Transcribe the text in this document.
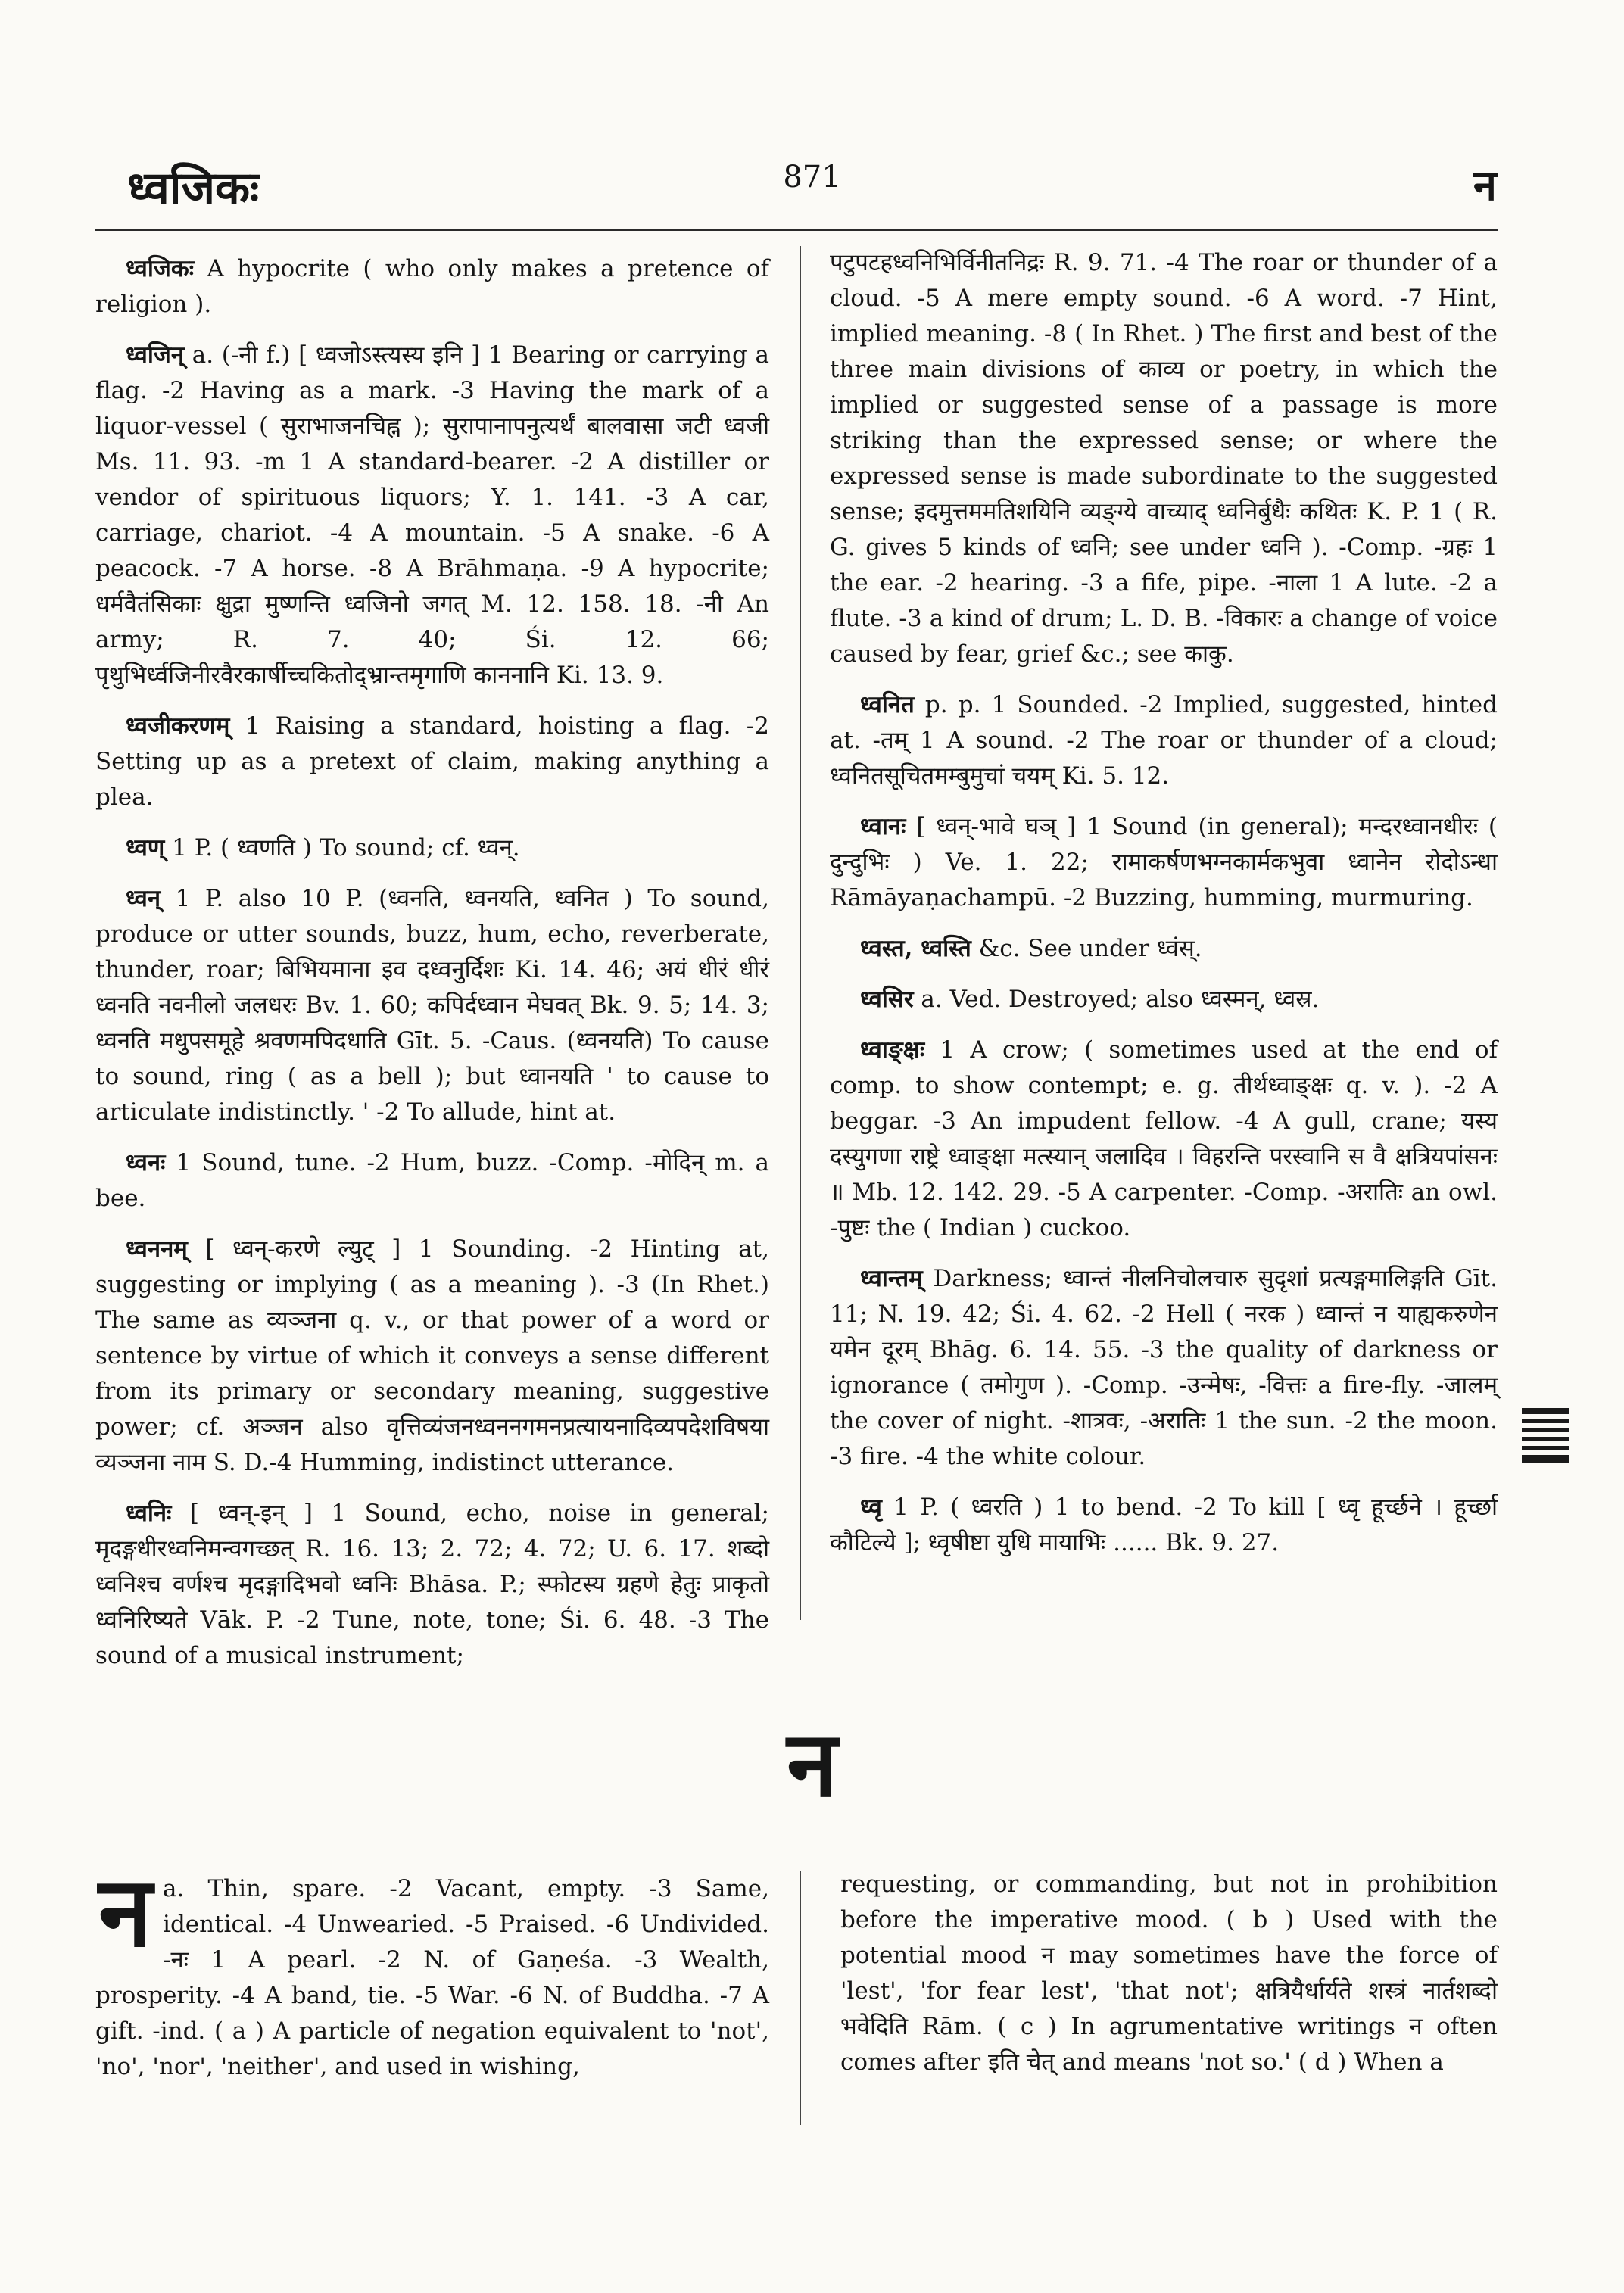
ध्वजिकः	871	न

ध्वजिकः A hypocrite ( who only makes a pretence of religion ).

ध्वजिन् a. (-नी f.) [ ध्वजोऽस्त्यस्य इनि ] 1 Bearing or carrying a flag. -2 Having as a mark. -3 Having the mark of a liquor-vessel ( सुराभाजनचिह्न ); सुरापानापनुत्यर्थं बालवासा जटी ध्वजी Ms. 11. 93. -m 1 A standard-bearer. -2 A distiller or vendor of spirituous liquors; Y. 1. 141. -3 A car, carriage, chariot. -4 A mountain. -5 A snake. -6 A peacock. -7 A horse. -8 A Brāhmaṇa. -9 A hypocrite; धर्मवैतंसिकाः क्षुद्रा मुष्णन्ति ध्वजिनो जगत् M. 12. 158. 18. -नी An army; R. 7. 40; Śi. 12. 66; पृथुभिर्ध्वजिनीरवैरकार्षीच्चकितोद्भ्रान्तमृगाणि काननानि Ki. 13. 9.

ध्वजीकरणम् 1 Raising a standard, hoisting a flag. -2 Setting up as a pretext of claim, making anything a plea.

ध्वण् 1 P. ( ध्वणति ) To sound; cf. ध्वन्.

ध्वन् 1 P. also 10 P. (ध्वनति, ध्वनयति, ध्वनित ) To sound, produce or utter sounds, buzz, hum, echo, reverberate, thunder, roar; बिभियमाना इव दध्वनुर्दिशः Ki. 14. 46; अयं धीरं धीरं ध्वनति नवनीलो जलधरः Bv. 1. 60; कपिर्दध्वान मेघवत् Bk. 9. 5; 14. 3; ध्वनति मधुपसमूहे श्रवणमपिदधाति Gīt. 5. -Caus. (ध्वनयति) To cause to sound, ring ( as a bell ); but ध्वानयति ' to cause to articulate indistinctly. ' -2 To allude, hint at.

ध्वनः 1 Sound, tune. -2 Hum, buzz. -Comp. -मोदिन् m. a bee.

ध्वननम् [ ध्वन्-करणे ल्युट् ] 1 Sounding. -2 Hinting at, suggesting or implying ( as a meaning ). -3 (In Rhet.) The same as व्यञ्जना q. v., or that power of a word or sentence by virtue of which it conveys a sense different from its primary or secondary meaning, suggestive power; cf. अञ्जन also वृत्तिव्यंजनध्वननगमनप्रत्यायनादिव्यपदेशविषया व्यञ्जना नाम S. D.-4 Humming, indistinct utterance.

ध्वनिः [ ध्वन्-इन् ] 1 Sound, echo, noise in general; मृदङ्गधीरध्वनिमन्वगच्छत् R. 16. 13; 2. 72; 4. 72; U. 6. 17. शब्दो ध्वनिश्च वर्णश्च मृदङ्गादिभवो ध्वनिः Bhāsa. P.; स्फोटस्य ग्रहणे हेतुः प्राकृतो ध्वनिरिष्यते Vāk. P. -2 Tune, note, tone; Śi. 6. 48. -3 The sound of a musical instrument;

पटुपटहध्वनिभिर्विनीतनिद्रः R. 9. 71. -4 The roar or thunder of a cloud. -5 A mere empty sound. -6 A word. -7 Hint, implied meaning. -8 ( In Rhet. ) The first and best of the three main divisions of काव्य or poetry, in which the implied or suggested sense of a passage is more striking than the expressed sense; or where the expressed sense is made subordinate to the suggested sense; इदमुत्तममतिशयिनि व्यङ्ग्ये वाच्याद् ध्वनिर्बुधैः कथितः K. P. 1 ( R. G. gives 5 kinds of ध्वनि; see under ध्वनि ). -Comp. -ग्रहः 1 the ear. -2 hearing. -3 a fife, pipe. -नाला 1 A lute. -2 a flute. -3 a kind of drum; L. D. B. -विकारः a change of voice caused by fear, grief &c.; see काकु.

ध्वनित p. p. 1 Sounded. -2 Implied, suggested, hinted at. -तम् 1 A sound. -2 The roar or thunder of a cloud; ध्वनितसूचितमम्बुमुचां चयम् Ki. 5. 12.

ध्वानः [ ध्वन्-भावे घञ् ] 1 Sound (in general); मन्दरध्वानधीरः ( दुन्दुभिः ) Ve. 1. 22; रामाकर्षणभग्नकार्मकभुवा ध्वानेन रोदोऽन्धा Rāmāyaṇachampū. -2 Buzzing, humming, murmuring.

ध्वस्त, ध्वस्ति &c. See under ध्वंस्.

ध्वसिर a. Ved. Destroyed; also ध्वस्मन्, ध्वस्र.

ध्वाङ्क्षः 1 A crow; ( sometimes used at the end of comp. to show contempt; e. g. तीर्थध्वाङ्क्षः q. v. ). -2 A beggar. -3 An impudent fellow. -4 A gull, crane; यस्य दस्युगणा राष्ट्रे ध्वाङ्क्षा मत्स्यान् जलादिव । विहरन्ति परस्वानि स वै क्षत्रियपांसनः ॥ Mb. 12. 142. 29. -5 A carpenter. -Comp. -अरातिः an owl. -पुष्टः the ( Indian ) cuckoo.

ध्वान्तम् Darkness; ध्वान्तं नीलनिचोलचारु सुदृशां प्रत्यङ्गमालिङ्गति Gīt. 11; N. 19. 42; Śi. 4. 62. -2 Hell ( नरक ) ध्वान्तं न याह्यकरुणेन यमेन दूरम् Bhāg. 6. 14. 55. -3 the quality of darkness or ignorance ( तमोगुण ). -Comp. -उन्मेषः, -वित्तः a fire-fly. -जालम् the cover of night. -शात्रवः, -अरातिः 1 the sun. -2 the moon. -3 fire. -4 the white colour.

ध्वृ 1 P. ( ध्वरति ) 1 to bend. -2 To kill [ ध्वृ हूर्च्छने । हूर्च्छा कौटिल्ये ]; ध्वृषीष्टा युधि मायाभिः ...... Bk. 9. 27.

न

न a. Thin, spare. -2 Vacant, empty. -3 Same, identical. -4 Unwearied. -5 Praised. -6 Undivided. -नः 1 A pearl. -2 N. of Gaṇeśa. -3 Wealth, prosperity. -4 A band, tie. -5 War. -6 N. of Buddha. -7 A gift. -ind. ( a ) A particle of negation equivalent to 'not', 'no', 'nor', 'neither', and used in wishing,

requesting, or commanding, but not in prohibition before the imperative mood. ( b ) Used with the potential mood न may sometimes have the force of 'lest', 'for fear lest', 'that not'; क्षत्रियैर्धार्यते शस्त्रं नार्तशब्दो भवेदिति Rām. ( c ) In agrumentative writings न often comes after इति चेत् and means 'not so.' ( d ) When a
